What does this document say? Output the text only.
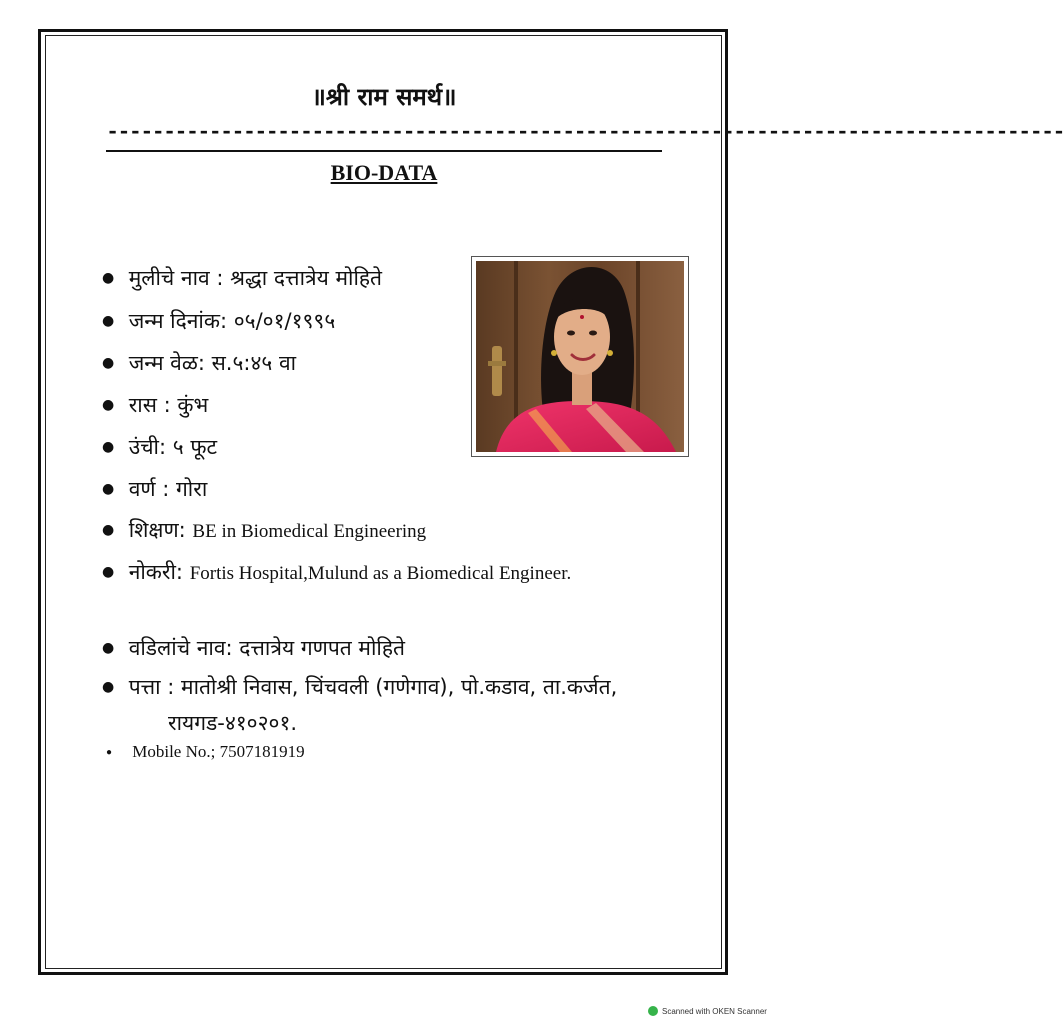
॥श्री राम समर्थ॥
------------------------------------------------------------------------------------
BIO-DATA
● मुलीचे नाव : श्रद्धा दत्तात्रेय मोहिते
● जन्म दिनांक: ०५/०१/१९९५
● जन्म वेळ: स.५:४५ वा
● रास : कुंभ
● उंची: ५ फूट
● वर्ण : गोरा
● शिक्षण: BE in Biomedical Engineering
● नोकरी: Fortis Hospital,Mulund as a Biomedical Engineer.
● वडिलांचे नाव: दत्तात्रेय गणपत मोहिते
● पत्ता : मातोश्री निवास, चिंचवली (गणेगाव), पो.कडाव, ता.कर्जत,
रायगड-४१०२०१.
● Mobile No.; 7507181919
Scanned with OKEN Scanner
